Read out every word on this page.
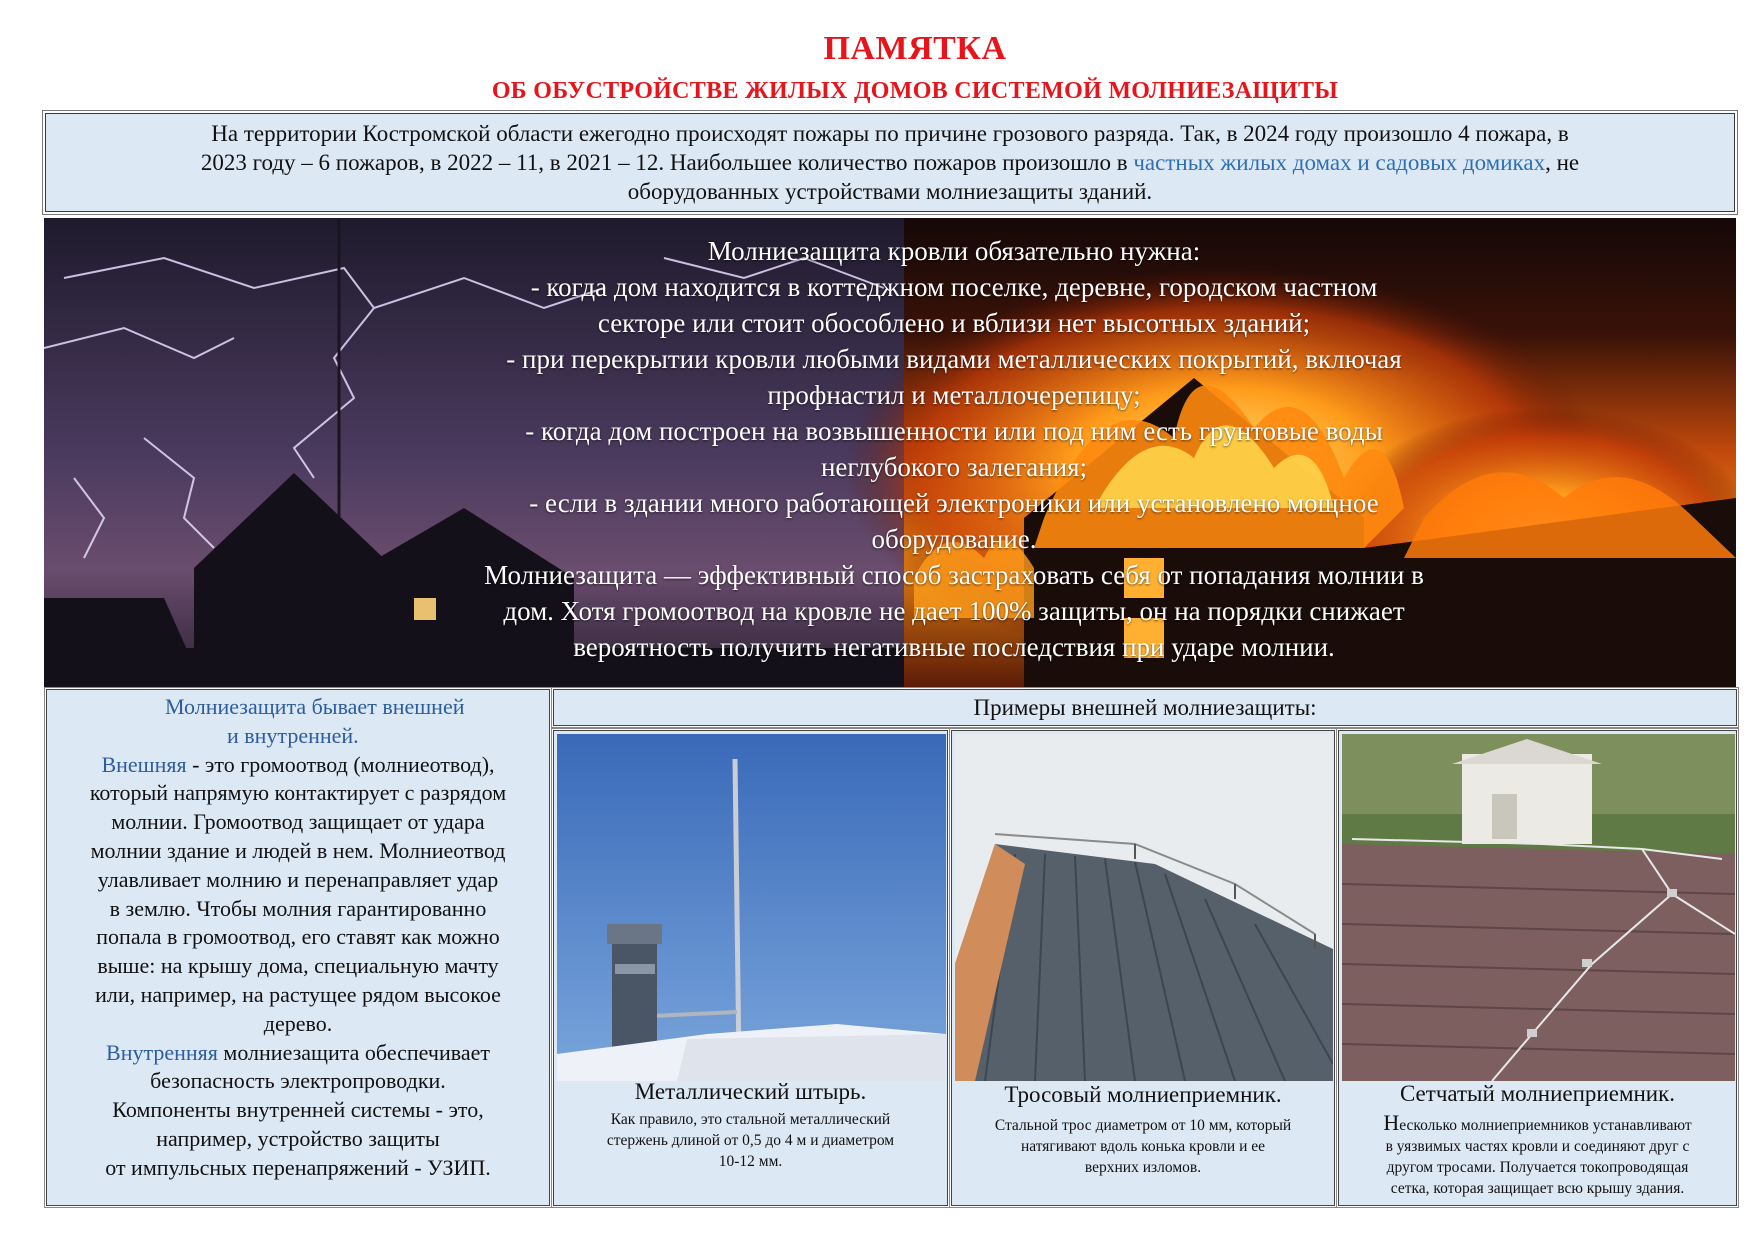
ПАМЯТКА
ОБ ОБУСТРОЙСТВЕ ЖИЛЫХ ДОМОВ СИСТЕМОЙ МОЛНИЕЗАЩИТЫ
На территории Костромской области ежегодно происходят пожары по причине грозового разряда. Так, в 2024 году произошло 4 пожара, в
2023 году – 6 пожаров, в 2022 – 11, в 2021 – 12. Наибольшее количество пожаров произошло в частных жилых домах и садовых домиках, не
оборудованных устройствами молниезащиты зданий.
Молниезащита кровли обязательно нужна:
- когда дом находится в коттеджном поселке, деревне, городском частном
секторе или стоит обособлено и вблизи нет высотных зданий;
- при перекрытии кровли любыми видами металлических покрытий, включая
профнастил и металлочерепицу;
- когда дом построен на возвышенности или под ним есть грунтовые воды
неглубокого залегания;
- если в здании много работающей электроники или установлено мощное
оборудование.
Молниезащита — эффективный способ застраховать себя от попадания молнии в
дом. Хотя громоотвод на кровле не дает 100% защиты, он на порядки снижает
вероятность получить негативные последствия при ударе молнии.
Молниезащита бывает внешней
и внутренней.
Внешняя - это громоотвод (молниеотвод),
который напрямую контактирует с разрядом
молнии. Громоотвод защищает от удара
молнии здание и людей в нем. Молниеотвод
улавливает молнию и перенаправляет удар
в землю. Чтобы молния гарантированно
попала в громоотвод, его ставят как можно
выше: на крышу дома, специальную мачту
или, например, на растущее рядом высокое
дерево.
Внутренняя молниезащита обеспечивает
безопасность электропроводки.
Компоненты внутренней системы - это,
например, устройство защиты
от импульсных перенапряжений - УЗИП.
Примеры внешней молниезащиты:
Металлический штырь.
Как правило, это стальной металлический
стержень длиной от 0,5 до 4 м и диаметром
10-12 мм.
Тросовый молниеприемник.
Стальной трос диаметром от 10 мм, который
натягивают вдоль конька кровли и ее
верхних изломов.
Сетчатый молниеприемник.
Несколько молниеприемников устанавливают
в уязвимых частях кровли и соединяют друг с
другом тросами. Получается токопроводящая
сетка, которая защищает всю крышу здания.
